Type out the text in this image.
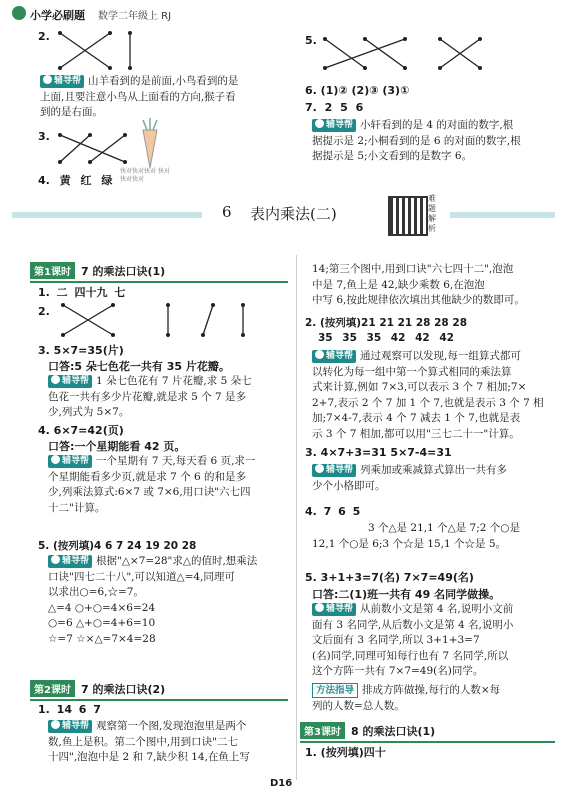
小学必刷题 数学二年级上 RJ
2.
辅导帮 山羊看到的是前面,小鸟看到的是
上面,且要注意小鸟从上面看的方向,猴子看
到的是右面。
3.
4. 黄 红 绿
快对快对快对 快对快对快对
5.
6. (1)② (2)③ (3)①
7. 2 5 6
辅导帮 小轩看到的是 4 的对面的数字,根
据提示是 2;小桐看到的是 6 的对面的数字,根
据提示是 5;小文看到的是数字 6。
6 表内乘法(二)
难题解析
第1课时 7 的乘法口诀(1)
1. 二 四十九 七
2.
3. 5×7=35(片)
口答:5 朵七色花一共有 35 片花瓣。
辅导帮 1 朵七色花有 7 片花瓣,求 5 朵七
色花一共有多少片花瓣,就是求 5 个 7 是多
少,列式为 5×7。
4. 6×7=42(页)
口答:一个星期能看 42 页。
辅导帮 一个星期有 7 天,每天看 6 页,求一
个星期能看多少页,就是求 7 个 6 的和是多
少,列乘法算式:6×7 或 7×6,用口诀"六七四
十二"计算。
5. (按列填)4 6 7 24 19 20 28
辅导帮 根据"△×7=28"求△的值时,想乘法
口诀"四七二十八",可以知道△=4,同理可
以求出○=6,☆=7。
△=4 ○+○=4×6=24
○=6 △+○=4+6=10
☆=7 ☆×△=7×4=28
第2课时 7 的乘法口诀(2)
1. 14 6 7
辅导帮 观察第一个图,发现泡泡里是两个
数,鱼上是积。第二个图中,用到口诀"二七
十四",泡泡中是 2 和 7,缺少积 14,在鱼上写
14;第三个图中,用到口诀"六七四十二",泡泡
中是 7,鱼上是 42,缺少乘数 6,在泡泡
中写 6,按此规律依次填出其他缺少的数即可。
2. (按列填)21 21 21 28 28 28
35 35 35 42 42 42
辅导帮 通过观察可以发现,每一组算式都可
以转化为每一组中第一个算式相同的乘法算
式来计算,例如 7×3,可以表示 3 个 7 相加;7×
2+7,表示 2 个 7 加 1 个 7,也就是表示 3 个 7 相
加;7×4-7,表示 4 个 7 减去 1 个 7,也就是表
示 3 个 7 相加,都可以用"三七二十一"计算。
3. 4×7+3=31 5×7-4=31
辅导帮 列乘加或乘减算式算出一共有多
少个小格即可。
4. 7 6 5
3 个△是 21,1 个△是 7;2 个○是
12,1 个○是 6;3 个☆是 15,1 个☆是 5。
5. 3+1+3=7(名) 7×7=49(名)
口答:二(1)班一共有 49 名同学做操。
辅导帮 从前数小文是第 4 名,说明小文前
面有 3 名同学,从后数小文是第 4 名,说明小
文后面有 3 名同学,所以 3+1+3=7
(名)同学,同理可知每行也有 7 名同学,所以
这个方阵一共有 7×7=49(名)同学。
方法指导 排成方阵做操,每行的人数×每
列的人数=总人数。
第3课时 8 的乘法口诀(1)
1. (按列填)四十
D16
